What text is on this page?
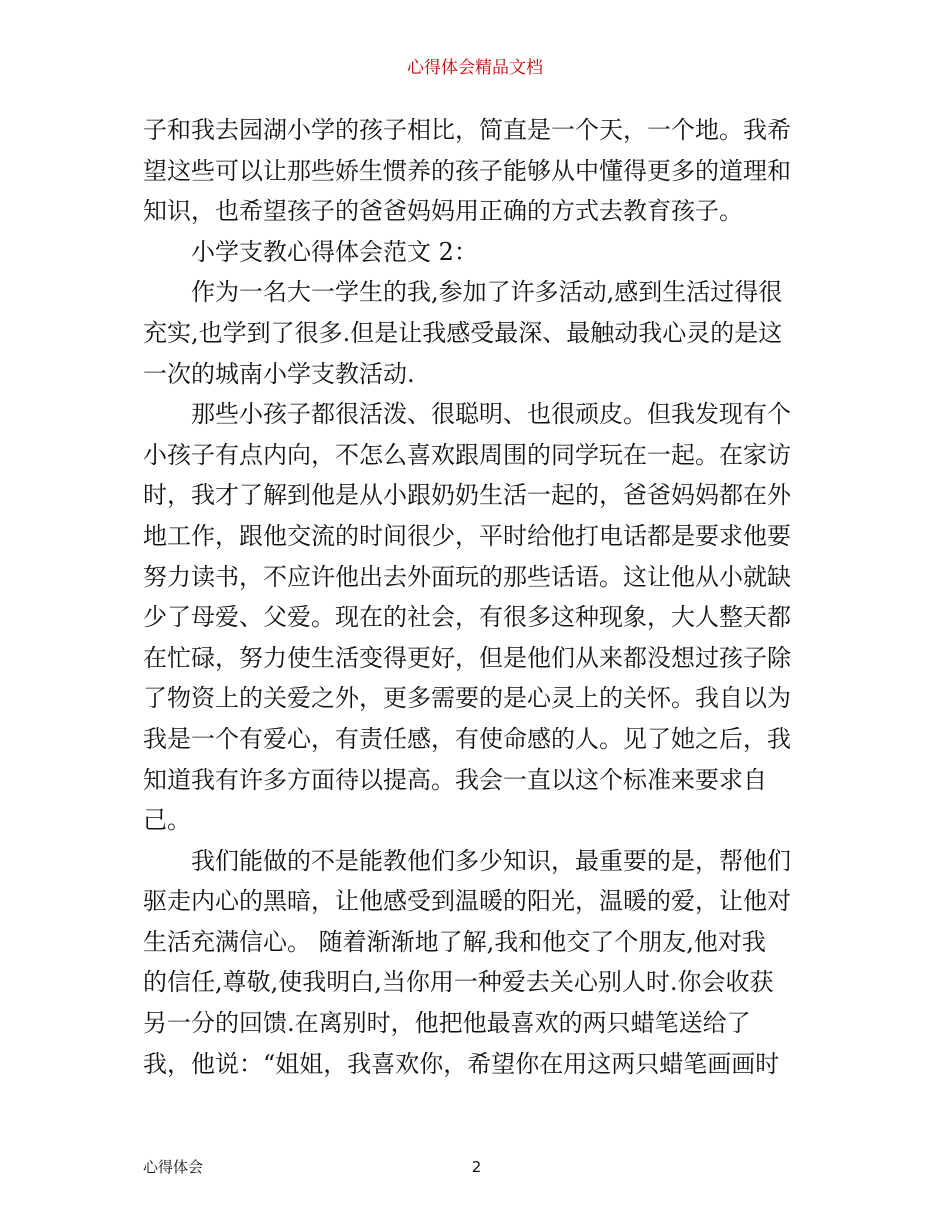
心得体会精品文档
子和我去园湖小学的孩子相比，简直是一个天，一个地。我希
望这些可以让那些娇生惯养的孩子能够从中懂得更多的道理和
知识，也希望孩子的爸爸妈妈用正确的方式去教育孩子。
小学支教心得体会范文 2：
作为一名大一学生的我,参加了许多活动,感到生活过得很
充实,也学到了很多.但是让我感受最深、最触动我心灵的是这
一次的城南小学支教活动.
那些小孩子都很活泼、很聪明、也很顽皮。但我发现有个
小孩子有点内向，不怎么喜欢跟周围的同学玩在一起。在家访
时，我才了解到他是从小跟奶奶生活一起的，爸爸妈妈都在外
地工作，跟他交流的时间很少，平时给他打电话都是要求他要
努力读书，不应许他出去外面玩的那些话语。这让他从小就缺
少了母爱、父爱。现在的社会，有很多这种现象，大人整天都
在忙碌，努力使生活变得更好，但是他们从来都没想过孩子除
了物资上的关爱之外，更多需要的是心灵上的关怀。我自以为
我是一个有爱心，有责任感，有使命感的人。见了她之后，我
知道我有许多方面待以提高。我会一直以这个标准来要求自
己。
我们能做的不是能教他们多少知识，最重要的是，帮他们
驱走内心的黑暗，让他感受到温暖的阳光，温暖的爱，让他对
生活充满信心。 随着渐渐地了解,我和他交了个朋友,他对我
的信任,尊敬,使我明白,当你用一种爱去关心别人时.你会收获
另一分的回馈.在离别时，他把他最喜欢的两只蜡笔送给了
我，他说：“姐姐，我喜欢你，希望你在用这两只蜡笔画画时
2
心得体会
